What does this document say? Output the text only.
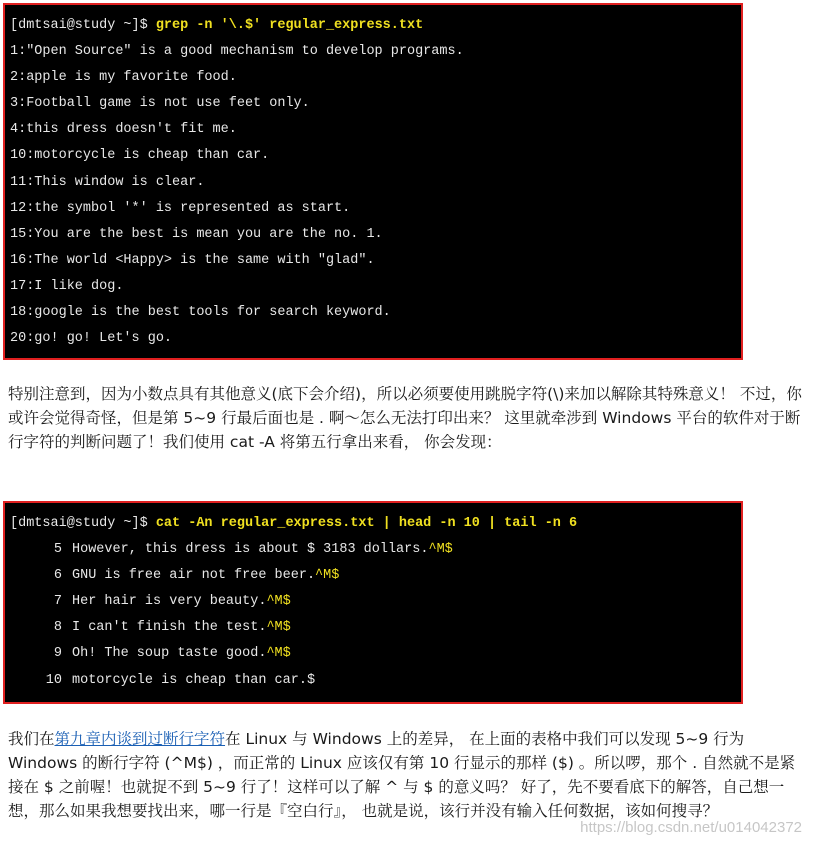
[dmtsai@study ~]$ grep -n '\.$' regular_express.txt
1:"Open Source" is a good mechanism to develop programs.
2:apple is my favorite food.
3:Football game is not use feet only.
4:this dress doesn't fit me.
10:motorcycle is cheap than car.
11:This window is clear.
12:the symbol '*' is represented as start.
15:You are the best is mean you are the no. 1.
16:The world <Happy> is the same with "glad".
17:I like dog.
18:google is the best tools for search keyword.
20:go! go! Let's go.

特别注意到，因为小数点具有其他意义(底下会介绍)，所以必须要使用跳脱字符(\)来加以解除其特殊意义！ 不过，你或许会觉得奇怪，但是第 5~9 行最后面也是 . 啊～怎么无法打印出来？ 这里就牵涉到 Windows 平台的软件对于断行字符的判断问题了！我们使用 cat -A 将第五行拿出来看， 你会发现：

[dmtsai@study ~]$ cat -An regular_express.txt | head -n 10 | tail -n 6
5 However, this dress is about $ 3183 dollars.^M$
6 GNU is free air not free beer.^M$
7 Her hair is very beauty.^M$
8 I can't finish the test.^M$
9 Oh! The soup taste good.^M$
10 motorcycle is cheap than car.$

我们在第九章内谈到过断行字符在 Linux 与 Windows 上的差异， 在上面的表格中我们可以发现 5~9 行为 Windows 的断行字符 (^M$) ，而正常的 Linux 应该仅有第 10 行显示的那样 ($) 。所以啰，那个 . 自然就不是紧接在 $ 之前喔！也就捉不到 5~9 行了！这样可以了解 ^ 与 $ 的意义吗？ 好了，先不要看底下的解答，自己想一想，那么如果我想要找出来，哪一行是『空白行』， 也就是说，该行并没有输入任何数据，该如何搜寻？

https://blog.csdn.net/u014042372
